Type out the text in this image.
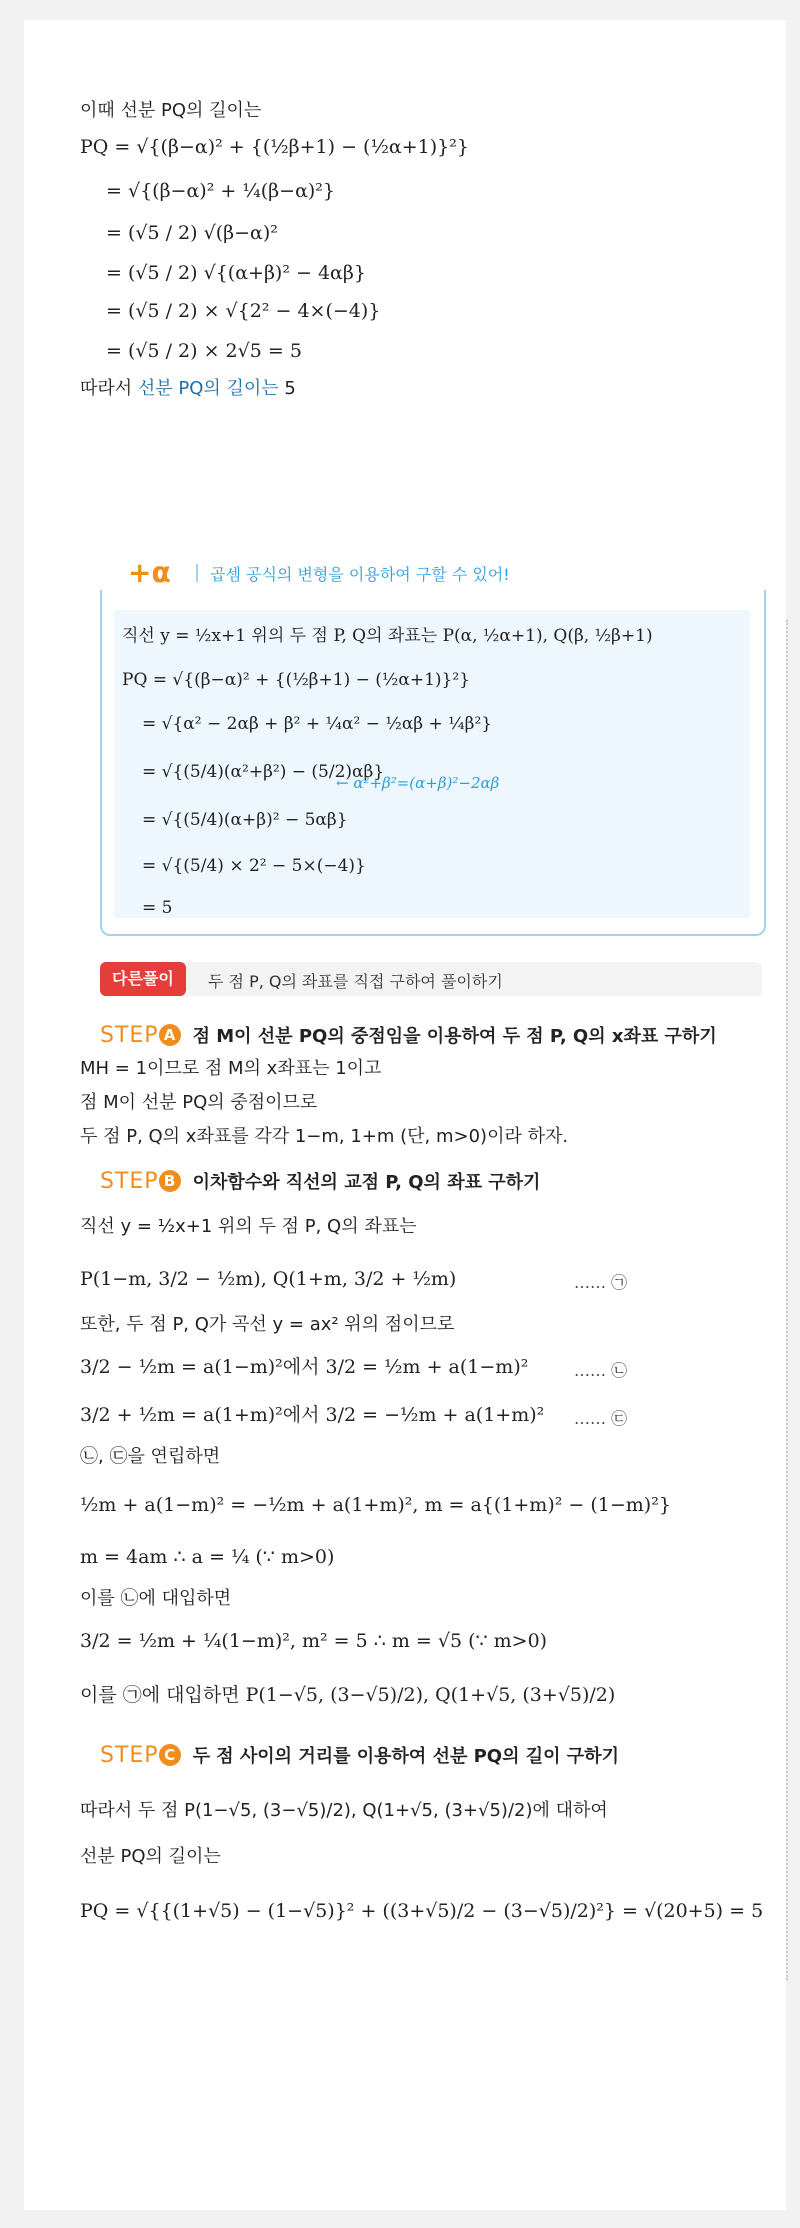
이때 선분 PQ의 길이는
PQ = √{(β−α)² + {(½β+1) − (½α+1)}²}
= √{(β−α)² + ¼(β−α)²}
= (√5 / 2) √(β−α)²
= (√5 / 2) √{(α+β)² − 4αβ}
= (√5 / 2) × √{2² − 4×(−4)}
= (√5 / 2) × 2√5 = 5
따라서 선분 PQ의 길이는 5
+α 곱셈 공식의 변형을 이용하여 구할 수 있어!
직선 y = ½x+1 위의 두 점 P, Q의 좌표는 P(α, ½α+1), Q(β, ½β+1)
PQ = √{(β−α)² + {(½β+1) − (½α+1)}²}
= √{α² − 2αβ + β² + ¼α² − ½αβ + ¼β²}
= √{(5/4)(α²+β²) − (5/2)αβ}
= √{(5/4)(α+β)² − 5αβ}
= √{(5/4) × 2² − 5×(−4)}
= 5
← α²+β²=(α+β)²−2αβ
다른풀이	두 점 P, Q의 좌표를 직접 구하여 풀이하기
STEP A 점 M이 선분 PQ의 중점임을 이용하여 두 점 P, Q의 x좌표 구하기
MH = 1이므로 점 M의 x좌표는 1이고
점 M이 선분 PQ의 중점이므로
두 점 P, Q의 x좌표를 각각 1−m, 1+m (단, m>0)이라 하자.
STEP B 이차함수와 직선의 교점 P, Q의 좌표 구하기
직선 y = ½x+1 위의 두 점 P, Q의 좌표는
P(1−m, 3/2 − ½m), Q(1+m, 3/2 + ½m)	…… ㉠
또한, 두 점 P, Q가 곡선 y = ax² 위의 점이므로
3/2 − ½m = a(1−m)²에서 3/2 = ½m + a(1−m)²	…… ㉡
3/2 + ½m = a(1+m)²에서 3/2 = −½m + a(1+m)² …… ㉢
㉡, ㉢을 연립하면
½m + a(1−m)² = −½m + a(1+m)², m = a{(1+m)² − (1−m)²}
m = 4am ∴ a = ¼ (∵ m>0)
이를 ㉡에 대입하면
3/2 = ½m + ¼(1−m)², m² = 5 ∴ m = √5 (∵ m>0)
이를 ㉠에 대입하면 P(1−√5, (3−√5)/2), Q(1+√5, (3+√5)/2)
STEP C 두 점 사이의 거리를 이용하여 선분 PQ의 길이 구하기
따라서 두 점 P(1−√5, (3−√5)/2), Q(1+√5, (3+√5)/2)에 대하여
선분 PQ의 길이는
PQ = √{{(1+√5) − (1−√5)}² + ((3+√5)/2 − (3−√5)/2)²} = √(20+5) = 5
